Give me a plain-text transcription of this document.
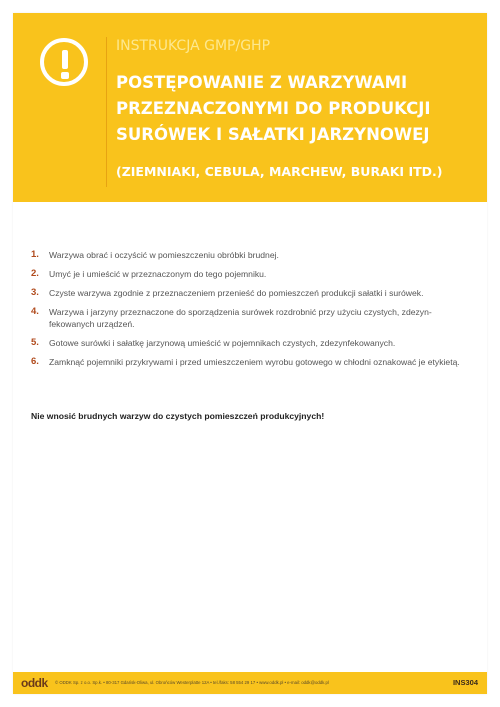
INSTRUKCJA GMP/GHP
POSTĘPOWANIE Z WARZYWAMI
PRZEZNACZONYMI DO PRODUKCJI
SURÓWEK I SAŁATKI JARZYNOWEJ
(ZIEMNIAKI, CEBULA, MARCHEW, BURAKI ITD.)
1.	Warzywa obrać i oczyścić w pomieszczeniu obróbki brudnej.
2.	Umyć je i umieścić w przeznaczonym do tego pojemniku.
3.	Czyste warzywa zgodnie z przeznaczeniem przenieść do pomieszczeń produkcji sałatki i surówek.
4.	Warzywa i jarzyny przeznaczone do sporządzenia surówek rozdrobnić przy użyciu czystych, zdezyn- fekowanych urządzeń.
5.	Gotowe surówki i sałatkę jarzynową umieścić w pojemnikach czystych, zdezynfekowanych.
6.	Zamknąć pojemniki przykrywami i przed umieszczeniem wyrobu gotowego w chłodni oznakować je etykietą.
Nie wnosić brudnych warzyw do czystych pomieszczeń produkcyjnych!
oddk © ODDK Sp. z o.o. Sp.k. • 80-317 Gdańsk-Oliwa, ul. Obrońców Westerplatte 12A • tel./faks: 58 554 29 17 • www.oddk.pl • e-mail: oddk@oddk.pl	INS304
